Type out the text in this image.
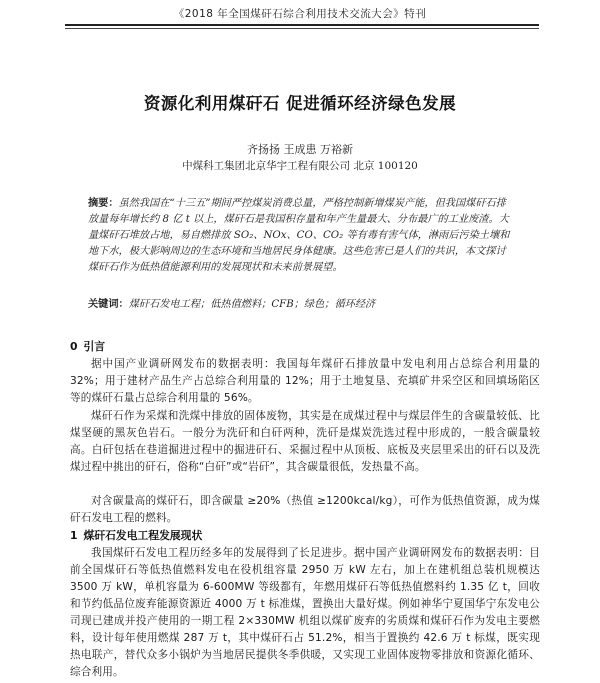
《2018 年全国煤矸石综合利用技术交流大会》特刊
资源化利用煤矸石 促进循环经济绿色发展
齐扬扬 王成患 万裕新
中煤科工集团北京华宇工程有限公司 北京 100120
摘要：虽然我国在“十三五”期间严控煤炭消费总量，严格控制新增煤炭产能，但我国煤矸石排放量每年增长约 8 亿 t 以上，煤矸石是我国积存量和年产生量最大、分布最广的工业废渣。大量煤矸石堆放占地，易自燃排放 SO₂、NOx、CO、CO₂ 等有毒有害气体，淋雨后污染土壤和地下水，极大影响周边的生态环境和当地居民身体健康。这些危害已是人们的共识，本文探讨煤矸石作为低热值能源利用的发展现状和未来前景展望。
关键词：煤矸石发电工程；低热值燃料；CFB；绿色；循环经济
0 引言
据中国产业调研网发布的数据表明：我国每年煤矸石排放量中发电利用占总综合利用量的 32%；用于建材产品生产占总综合利用量的 12%；用于土地复垦、充填矿井采空区和回填场陷区等的煤矸石量占总综合利用量的 56%。
煤矸石作为采煤和洗煤中排放的固体废物，其实是在成煤过程中与煤层伴生的含碳量较低、比煤坚硬的黑灰色岩石。一般分为洗矸和白矸两种，洗矸是煤炭洗选过程中形成的，一般含碳量较高。白矸包括在巷道掘进过程中的掘进矸石、采掘过程中从顶板、底板及夹层里采出的矸石以及洗煤过程中挑出的矸石，俗称“白矸”或“岩矸”，其含碳量很低，发热量不高。
对含碳量高的煤矸石，即含碳量 ≥20%（热值 ≥1200kcal/kg），可作为低热值资源，成为煤矸石发电工程的燃料。
1 煤矸石发电工程发展现状
我国煤矸石发电工程历经多年的发展得到了长足进步。据中国产业调研网发布的数据表明：目前全国煤矸石等低热值燃料发电在役机组容量 2950 万 kW 左右，加上在建机组总装机规模达 3500 万 kW，单机容量为 6-600MW 等级都有，年燃用煤矸石等低热值燃料约 1.35 亿 t，回收和节约低品位废弃能源资源近 4000 万 t 标准煤，置换出大量好煤。例如神华宁夏国华宁东发电公司现已建成并投产使用的一期工程 2×330MW 机组以煤矿废弃的劣质煤和煤矸石作为发电主要燃料，设计每年使用燃煤 287 万 t，其中煤矸石占 51.2%，相当于置换约 42.6 万 t 标煤，既实现热电联产，替代众多小锅炉为当地居民提供冬季供暖，又实现工业固体废物零排放和资源化循环、综合利用。
